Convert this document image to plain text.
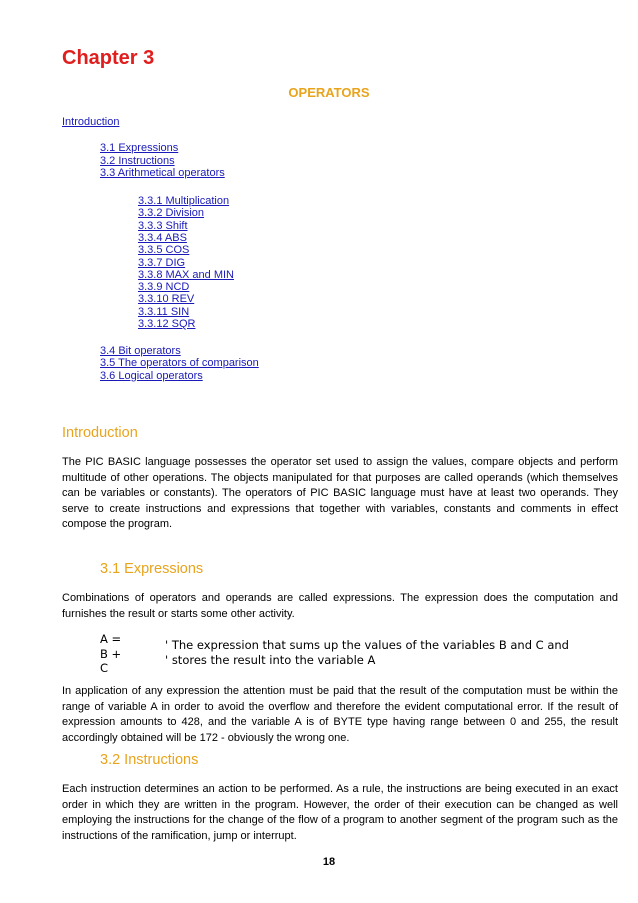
Chapter 3
OPERATORS
Introduction
3.1 Expressions
3.2 Instructions
3.3 Arithmetical operators
3.3.1 Multiplication
3.3.2 Division
3.3.3 Shift
3.3.4 ABS
3.3.5 COS
3.3.7 DIG
3.3.8 MAX and MIN
3.3.9 NCD
3.3.10 REV
3.3.11 SIN
3.3.12 SQR
3.4 Bit operators
3.5 The operators of comparison
3.6 Logical operators
Introduction

The PIC BASIC language possesses the operator set used to assign the values, compare objects and perform multitude of other operations. The objects manipulated for that purposes are called operands (which themselves can be variables or constants). The operators of PIC BASIC language must have at least two operands. They serve to create instructions and expressions that together with variables, constants and comments in effect compose the program.

3.1 Expressions

Combinations of operators and operands are called expressions. The expression does the computation and furnishes the result or starts some other activity.

A =
B +
C
' The expression that sums up the values of the variables B and C and
' stores the result into the variable A

In application of any expression the attention must be paid that the result of the computation must be within the range of variable A in order to avoid the overflow and therefore the evident computational error. If the result of expression amounts to 428, and the variable A is of BYTE type having range between 0 and 255, the result accordingly obtained will be 172 - obviously the wrong one.

3.2 Instructions

Each instruction determines an action to be performed. As a rule, the instructions are being executed in an exact order in which they are written in the program. However, the order of their execution can be changed as well employing the instructions for the change of the flow of a program to another segment of the program such as the instructions of the ramification, jump or interrupt.

18
